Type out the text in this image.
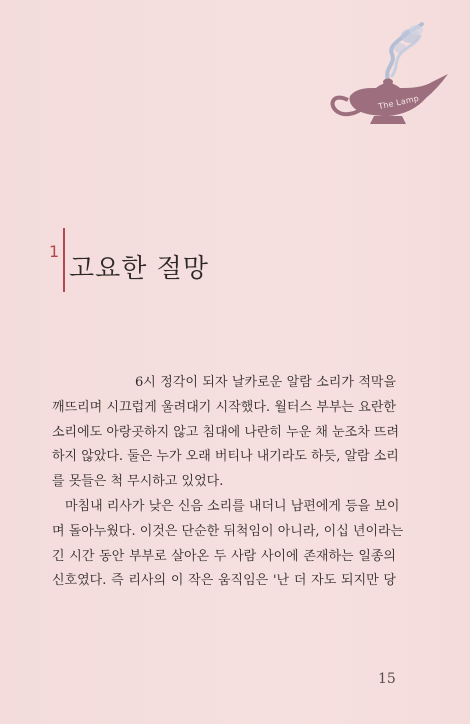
The Lamp
1
고요한 절망
6시 정각이 되자 날카로운 알람 소리가 적막을
깨뜨리며 시끄럽게 울려대기 시작했다. 월터스 부부는 요란한
소리에도 아랑곳하지 않고 침대에 나란히 누운 채 눈조차 뜨려
하지 않았다. 둘은 누가 오래 버티나 내기라도 하듯, 알람 소리
를 못들은 척 무시하고 있었다.
마침내 리사가 낮은 신음 소리를 내더니 남편에게 등을 보이
며 돌아누웠다. 이것은 단순한 뒤척임이 아니라, 이십 년이라는
긴 시간 동안 부부로 살아온 두 사람 사이에 존재하는 일종의
신호였다. 즉 리사의 이 작은 움직임은 '난 더 자도 되지만 당
15
